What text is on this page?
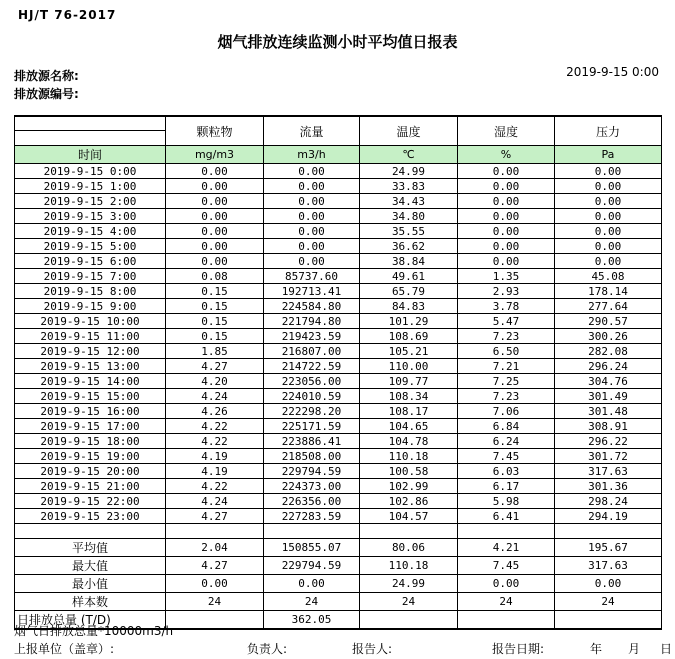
HJ/T 76-2017
烟气排放连续监测小时平均值日报表
排放源名称:	2019-9-15 0:00
排放源编号:
	颗粒物	流量	温度	湿度	压力
时间	mg/m3	m3/h	℃	%	Pa
2019-9-15 0:00	0.00	0.00	24.99	0.00	0.00
2019-9-15 1:00	0.00	0.00	33.83	0.00	0.00
2019-9-15 2:00	0.00	0.00	34.43	0.00	0.00
2019-9-15 3:00	0.00	0.00	34.80	0.00	0.00
2019-9-15 4:00	0.00	0.00	35.55	0.00	0.00
2019-9-15 5:00	0.00	0.00	36.62	0.00	0.00
2019-9-15 6:00	0.00	0.00	38.84	0.00	0.00
2019-9-15 7:00	0.08	85737.60	49.61	1.35	45.08
2019-9-15 8:00	0.15	192713.41	65.79	2.93	178.14
2019-9-15 9:00	0.15	224584.80	84.83	3.78	277.64
2019-9-15 10:00	0.15	221794.80	101.29	5.47	290.57
2019-9-15 11:00	0.15	219423.59	108.69	7.23	300.26
2019-9-15 12:00	1.85	216807.00	105.21	6.50	282.08
2019-9-15 13:00	4.27	214722.59	110.00	7.21	296.24
2019-9-15 14:00	4.20	223056.00	109.77	7.25	304.76
2019-9-15 15:00	4.24	224010.59	108.34	7.23	301.49
2019-9-15 16:00	4.26	222298.20	108.17	7.06	301.48
2019-9-15 17:00	4.22	225171.59	104.65	6.84	308.91
2019-9-15 18:00	4.22	223886.41	104.78	6.24	296.22
2019-9-15 19:00	4.19	218508.00	110.18	7.45	301.72
2019-9-15 20:00	4.19	229794.59	100.58	6.03	317.63
2019-9-15 21:00	4.22	224373.00	102.99	6.17	301.36
2019-9-15 22:00	4.24	226356.00	102.86	5.98	298.24
2019-9-15 23:00	4.27	227283.59	104.57	6.41	294.19

平均值	2.04	150855.07	80.06	4.21	195.67
最大值	4.27	229794.59	110.18	7.45	317.63
最小值	0.00	0.00	24.99	0.00	0.00
样本数	24	24	24	24	24
日排放总量 (T/D)		362.05			
烟气日排放总量*10000m3/h
上报单位（盖章）:	负责人:	报告人:	报告日期:	年 月 日
